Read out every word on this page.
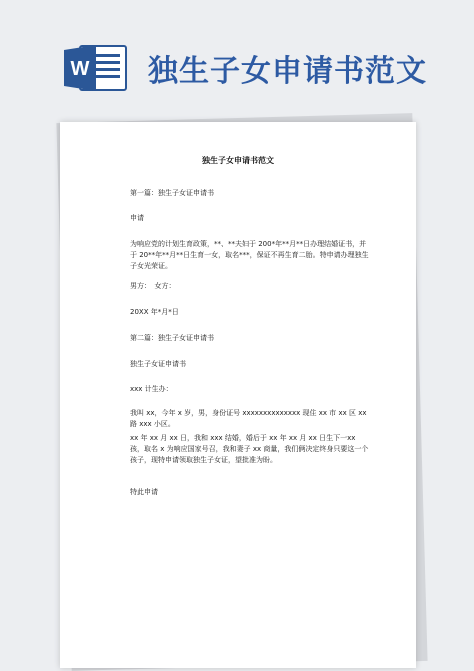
W 独生子女申请书范文
独生子女申请书范文
第一篇：独生子女证申请书
申请
为响应党的计划生育政策，**、**夫妇于 200*年**月**日办理结婚证书，并于 20**年**月**日生育一女，取名***，保证不再生育二胎。特申请办理独生子女光荣证。
男方：　女方：
20XX 年*月*日
第二篇：独生子女证申请书
独生子女证申请书
xxx 计生办：
我叫 xx，今年 x 岁，男，身份证号 xxxxxxxxxxxxxx 现住 xx 市 xx 区 xx 路 xxx 小区。
xx 年 xx 月 xx 日，我和 xxx 结婚，婚后于 xx 年 xx 月 xx 日生下一xx 孩，取名 x 为响应国家号召，我和妻子 xx 商量，我们俩决定终身只要这一个孩子，现特申请领取独生子女证，望批准为盼。
特此申请
